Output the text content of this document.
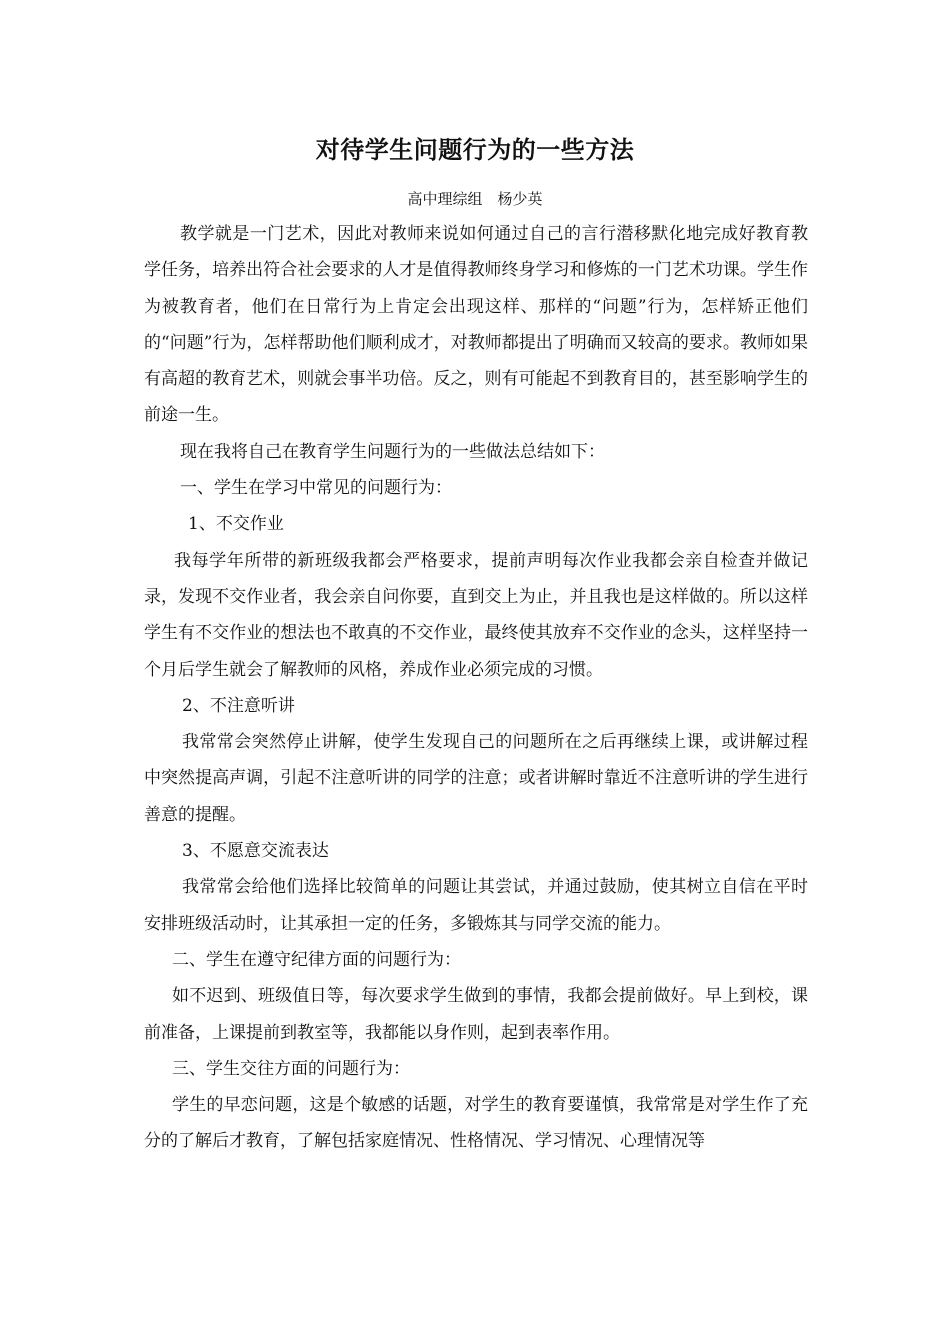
对待学生问题行为的一些方法
高中理综组　杨少英

教学就是一门艺术，因此对教师来说如何通过自己的言行潜移默化地完成好教育教学任务，培养出符合社会要求的人才是值得教师终身学习和修炼的一门艺术功课。学生作为被教育者，他们在日常行为上肯定会出现这样、那样的“问题”行为，怎样矫正他们的“问题”行为，怎样帮助他们顺利成才，对教师都提出了明确而又较高的要求。教师如果有高超的教育艺术，则就会事半功倍。反之，则有可能起不到教育目的，甚至影响学生的前途一生。

现在我将自己在教育学生问题行为的一些做法总结如下：

一、学生在学习中常见的问题行为：

1、不交作业

我每学年所带的新班级我都会严格要求，提前声明每次作业我都会亲自检查并做记录，发现不交作业者，我会亲自问你要，直到交上为止，并且我也是这样做的。所以这样学生有不交作业的想法也不敢真的不交作业，最终使其放弃不交作业的念头，这样坚持一个月后学生就会了解教师的风格，养成作业必须完成的习惯。

2、不注意听讲

我常常会突然停止讲解，使学生发现自己的问题所在之后再继续上课，或讲解过程中突然提高声调，引起不注意听讲的同学的注意；或者讲解时靠近不注意听讲的学生进行善意的提醒。

3、不愿意交流表达

我常常会给他们选择比较简单的问题让其尝试，并通过鼓励，使其树立自信在平时安排班级活动时，让其承担一定的任务，多锻炼其与同学交流的能力。

二、学生在遵守纪律方面的问题行为：

如不迟到、班级值日等，每次要求学生做到的事情，我都会提前做好。早上到校，课前准备，上课提前到教室等，我都能以身作则，起到表率作用。

三、学生交往方面的问题行为：

学生的早恋问题，这是个敏感的话题，对学生的教育要谨慎，我常常是对学生作了充分的了解后才教育，了解包括家庭情况、性格情况、学习情况、心理情况等
